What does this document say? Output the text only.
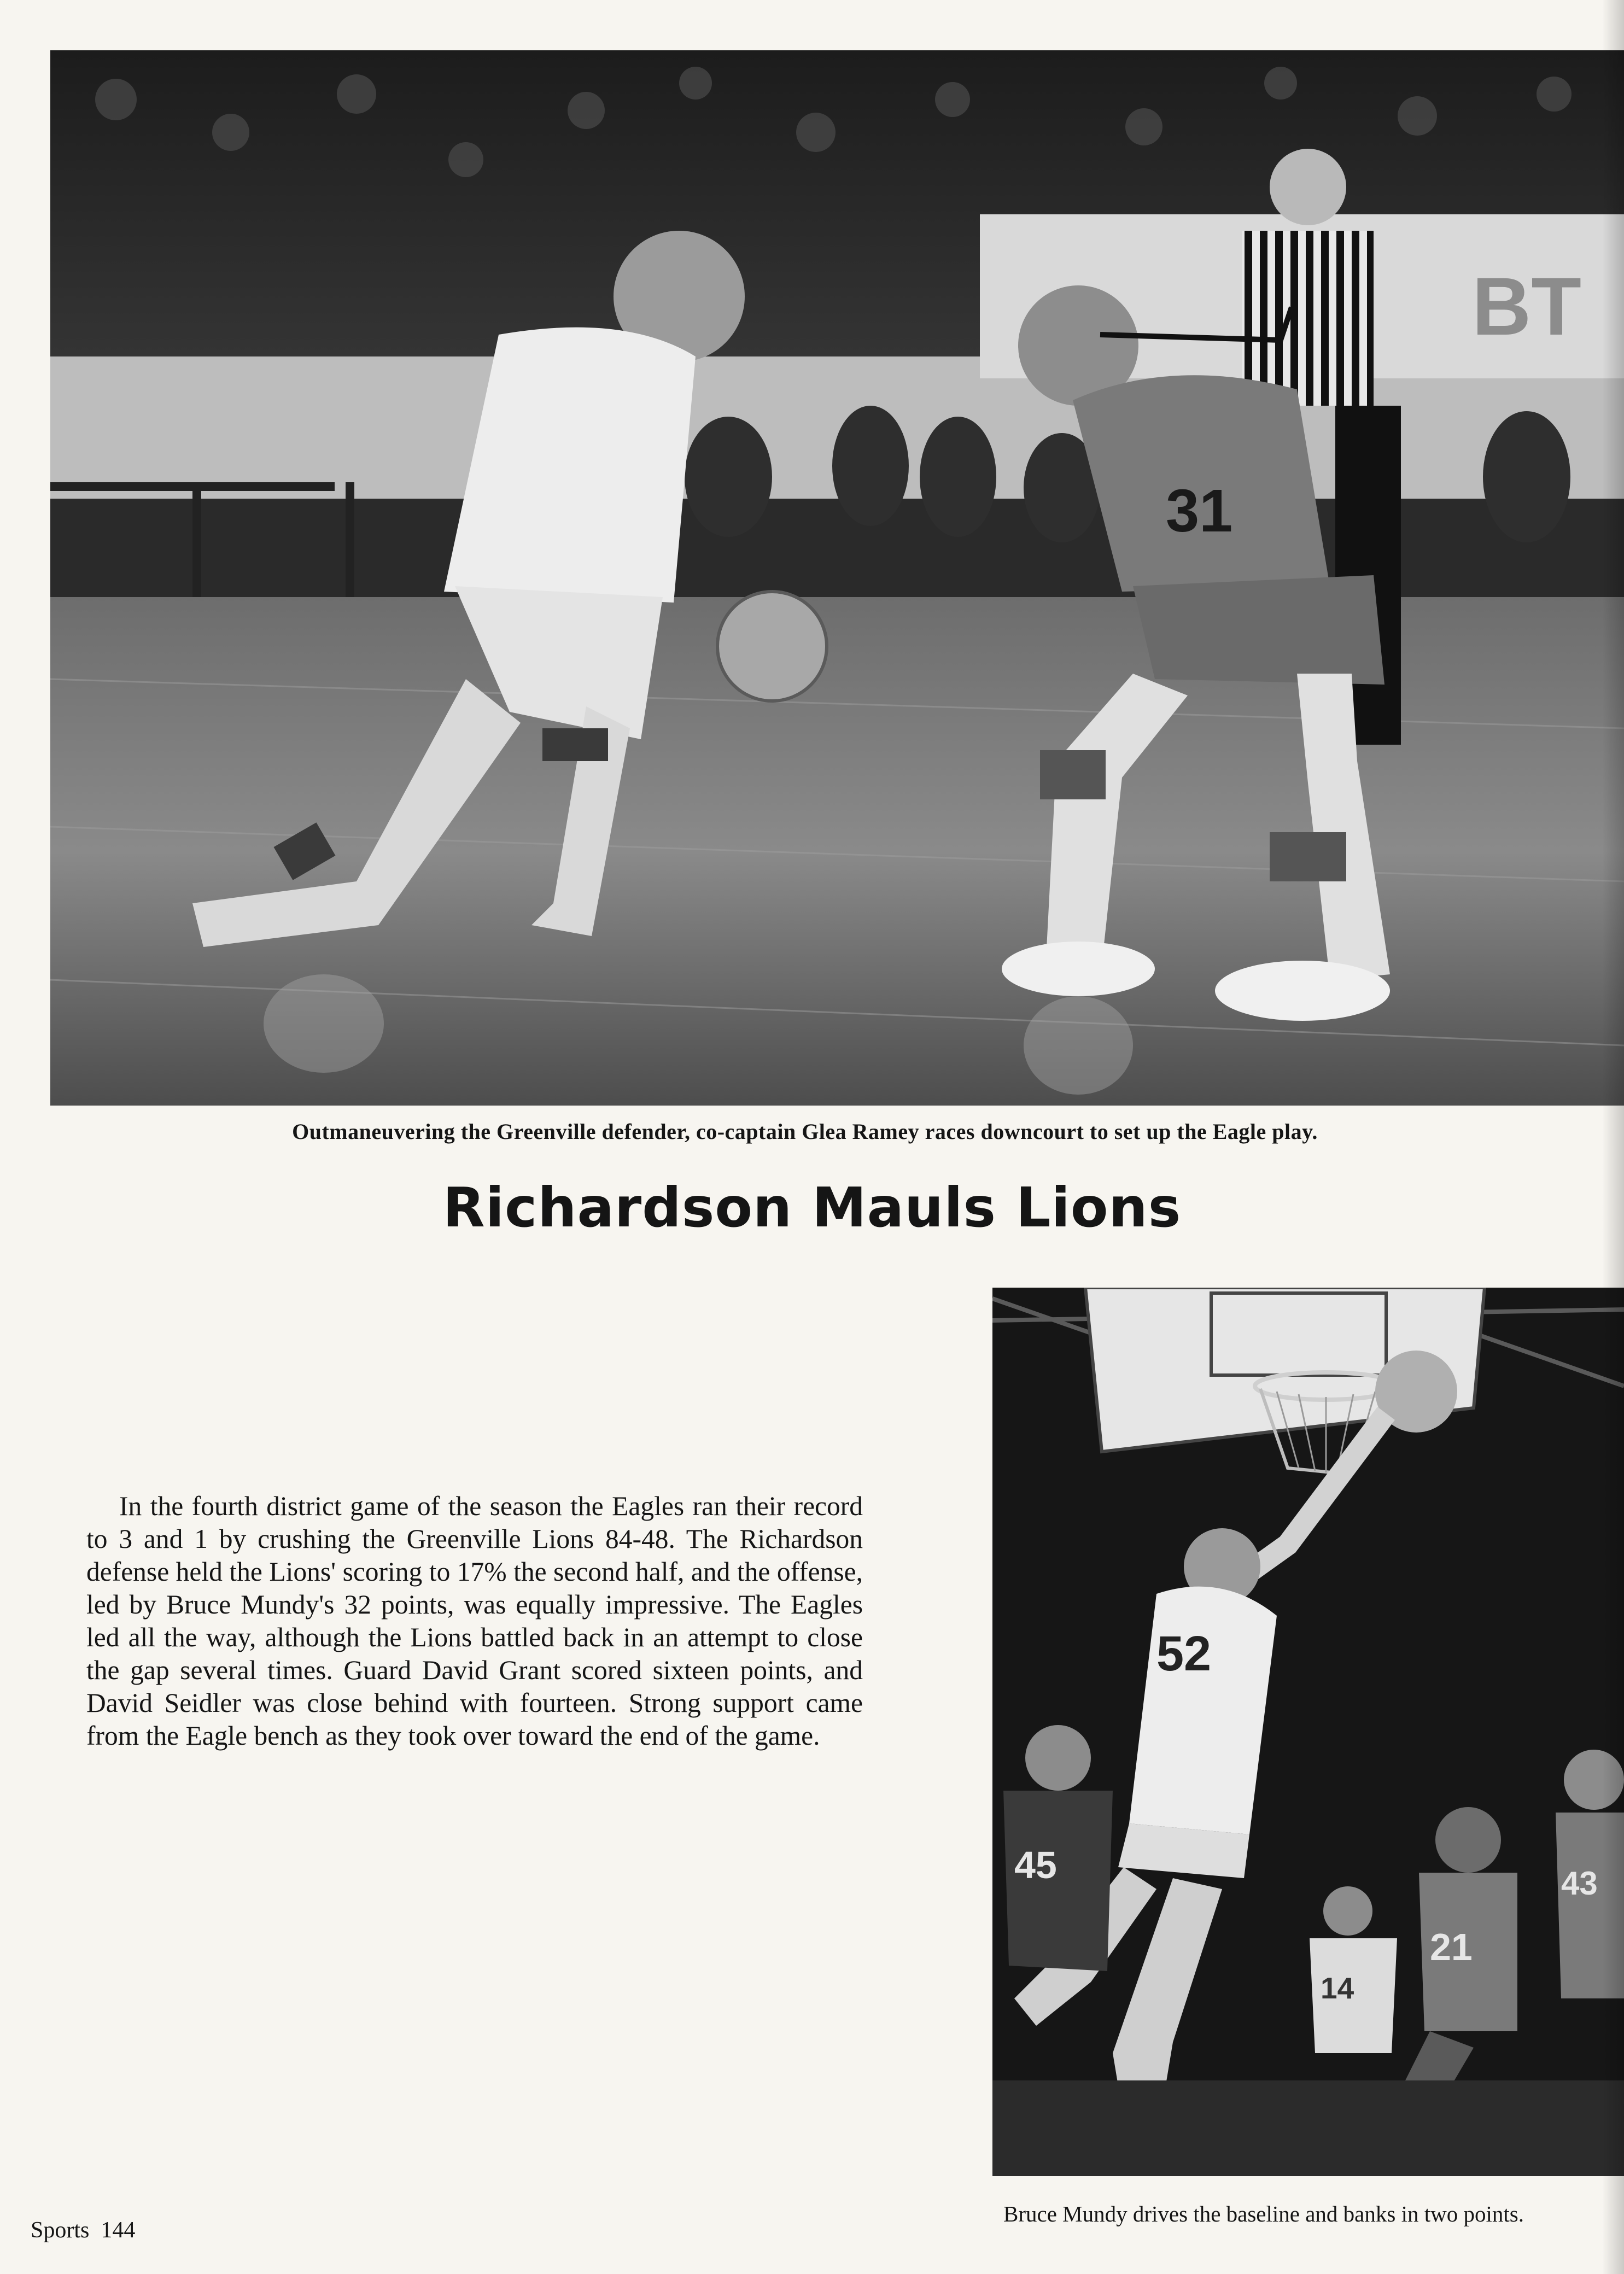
BT
31
Outmaneuvering the Greenville defender, co-captain Glea Ramey races downcourt to set up the Eagle play.
Richardson Mauls Lions

In the fourth district game of the season the Eagles ran their record to 3 and 1 by crushing the Greenville Lions 84-48. The Richardson defense held the Lions' scoring to 17% the second half, and the offense, led by Bruce Mundy's 32 points, was equally impressive. The Eagles led all the way, although the Lions battled back in an attempt to close the gap several times. Guard David Grant scored sixteen points, and David Seidler was close behind with fourteen. Strong support came from the Eagle bench as they took over toward the end of the game.

52
45
14
21
43
Bruce Mundy drives the baseline and banks in two points.
Sports 144
